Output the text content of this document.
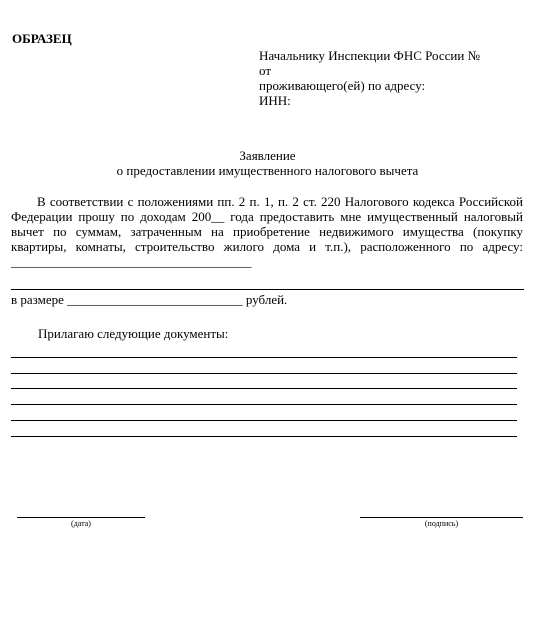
ОБРАЗЕЦ
Начальнику Инспекции ФНС России №
от
проживающего(ей) по адресу:
ИНН:
Заявление
о предоставлении имущественного налогового вычета
В соответствии с положениями пп. 2 п. 1, п. 2 ст. 220 Налогового кодекса Российской Федерации прошу по доходам 200__ года предоставить мне имущественный налоговый вычет по суммам, затраченным на приобретение недвижимого имущества (покупку квартиры, комнаты, строительство жилого дома и т.п.), расположенного по адресу: _____________________________________
в размере ___________________________ рублей.
Прилагаю следующие документы:
(дата)	(подпись)
